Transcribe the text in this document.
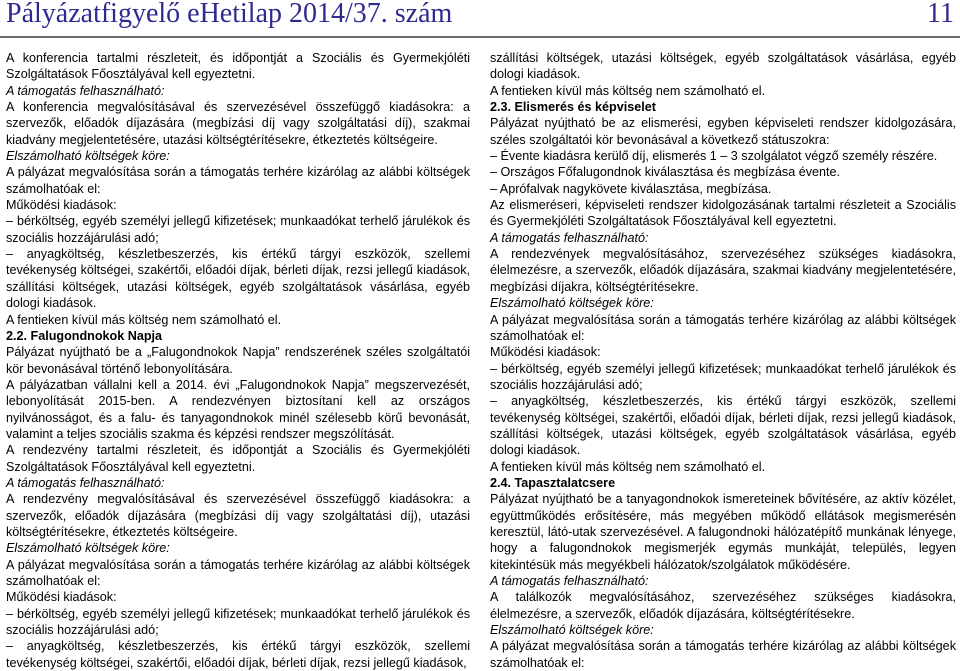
Pályázatfigyelő eHetilap 2014/37. szám	11

A konferencia tartalmi részleteit, és időpontját a Szociális és Gyermekjóléti Szolgáltatások Főosztályával kell egyeztetni.

A támogatás felhasználható:

A konferencia megvalósításával és szervezésével összefüggő kiadásokra: a szervezők, előadók díjazására (megbízási díj vagy szolgáltatási díj), szakmai kiadvány megjelentetésére, utazási költségtérítésekre, étkeztetés költségeire.

Elszámolható költségek köre:

A pályázat megvalósítása során a támogatás terhére kizárólag az alábbi költségek számolhatóak el:

Működési kiadások:

– bérköltség, egyéb személyi jellegű kifizetések; munkaadókat terhelő járulékok és szociális hozzájárulási adó;

– anyagköltség, készletbeszerzés, kis értékű tárgyi eszközök, szellemi tevékenység költségei, szakértői, előadói díjak, bérleti díjak, rezsi jellegű kiadások, szállítási költségek, utazási költségek, egyéb szolgáltatások vásárlása, egyéb dologi kiadások.

A fentieken kívül más költség nem számolható el.

2.2. Falugondnokok Napja

Pályázat nyújtható be a „Falugondnokok Napja” rendszerének széles szolgáltatói kör bevonásával történő lebonyolítására.

A pályázatban vállalni kell a 2014. évi „Falugondnokok Napja” megszervezését, lebonyolítását 2015-ben. A rendezvényen biztosítani kell az országos nyilvánosságot, és a falu- és tanyagondnokok minél szélesebb körű bevonását, valamint a teljes szociális szakma és képzési rendszer megszólítását.

A rendezvény tartalmi részleteit, és időpontját a Szociális és Gyermekjóléti Szolgáltatások Főosztályával kell egyeztetni.

A támogatás felhasználható:

A rendezvény megvalósításával és szervezésével összefüggő kiadásokra: a szervezők, előadók díjazására (megbízási díj vagy szolgáltatási díj), utazási költségtérítésekre, étkeztetés költségeire.

Elszámolható költségek köre:

A pályázat megvalósítása során a támogatás terhére kizárólag az alábbi költségek számolhatóak el:

Működési kiadások:

– bérköltség, egyéb személyi jellegű kifizetések; munkaadókat terhelő járulékok és szociális hozzájárulási adó;

– anyagköltség, készletbeszerzés, kis értékű tárgyi eszközök, szellemi tevékenység költségei, szakértői, előadói díjak, bérleti díjak, rezsi jellegű kiadások,

szállítási költségek, utazási költségek, egyéb szolgáltatások vásárlása, egyéb dologi kiadások.

A fentieken kívül más költség nem számolható el.

2.3. Elismerés és képviselet

Pályázat nyújtható be az elismerési, egyben képviseleti rendszer kidolgozására, széles szolgáltatói kör bevonásával a következő státuszokra:

– Évente kiadásra kerülő díj, elismerés 1 – 3 szolgálatot végző személy részére.

– Országos Főfalugondnok kiválasztása és megbízása évente.

– Aprófalvak nagykövete kiválasztása, megbízása.

Az elismeréseri, képviseleti rendszer kidolgozásának tartalmi részleteit a Szociális és Gyermekjóléti Szolgáltatások Főosztályával kell egyeztetni.

A támogatás felhasználható:

A rendezvények megvalósításához, szervezéséhez szükséges kiadásokra, élelmezésre, a szervezők, előadók díjazására, szakmai kiadvány megjelentetésére, megbízási díjakra, költségtérítésekre.

Elszámolható költségek köre:

A pályázat megvalósítása során a támogatás terhére kizárólag az alábbi költségek számolhatóak el:

Működési kiadások:

– bérköltség, egyéb személyi jellegű kifizetések; munkaadókat terhelő járulékok és szociális hozzájárulási adó;

– anyagköltség, készletbeszerzés, kis értékű tárgyi eszközök, szellemi tevékenység költségei, szakértői, előadói díjak, bérleti díjak, rezsi jellegű kiadások, szállítási költségek, utazási költségek, egyéb szolgáltatások vásárlása, egyéb dologi kiadások.

A fentieken kívül más költség nem számolható el.

2.4. Tapasztalatcsere

Pályázat nyújtható be a tanyagondnokok ismereteinek bővítésére, az aktív közélet, együttműködés erősítésére, más megyében működő ellátások megismerésén keresztül, látó-utak szervezésével. A falugondnoki hálózatépítő munkának lényege, hogy a falugondnokok megismerjék egymás munkáját, település, legyen kitekintésük más megyékbeli hálózatok/szolgálatok működésére.

A támogatás felhasználható:

A találkozók megvalósításához, szervezéséhez szükséges kiadásokra, élelmezésre, a szervezők, előadók díjazására, költségtérítésekre.

Elszámolható költségek köre:

A pályázat megvalósítása során a támogatás terhére kizárólag az alábbi költségek számolhatóak el:
